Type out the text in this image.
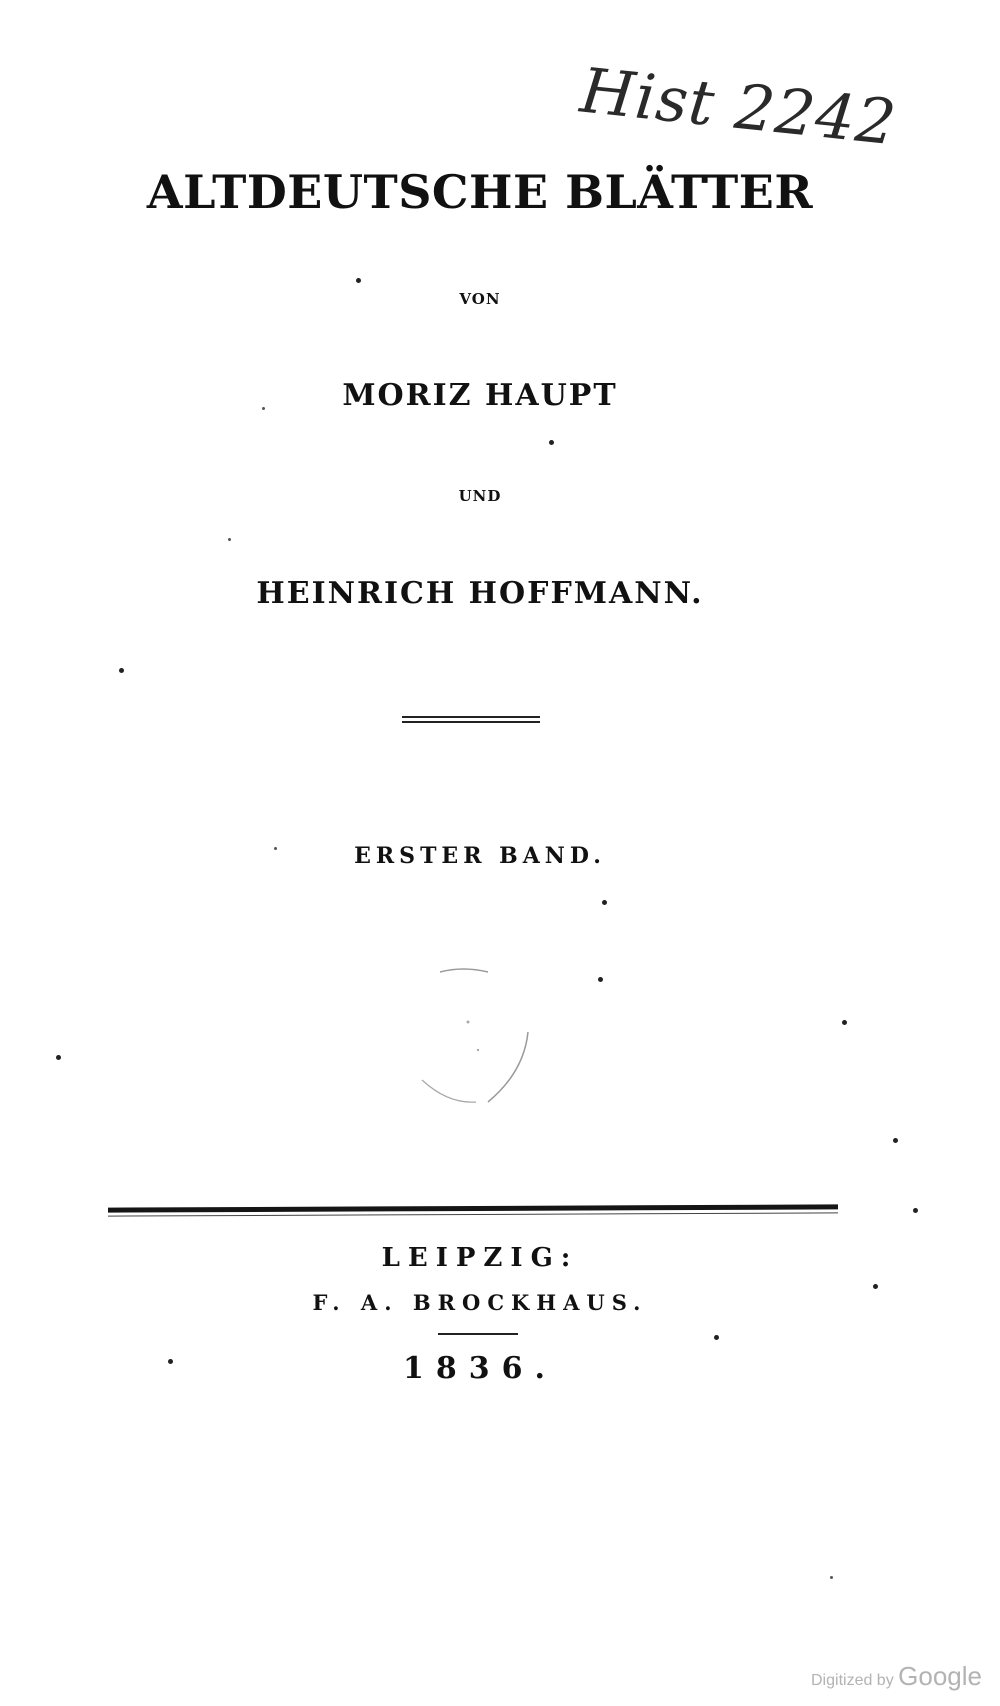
Hist 2242
ALTDEUTSCHE BLÄTTER
VON
MORIZ HAUPT
UND
HEINRICH HOFFMANN.
ERSTER BAND.
LEIPZIG:
F. A. BROCKHAUS.
1836.
Digitized by Google
